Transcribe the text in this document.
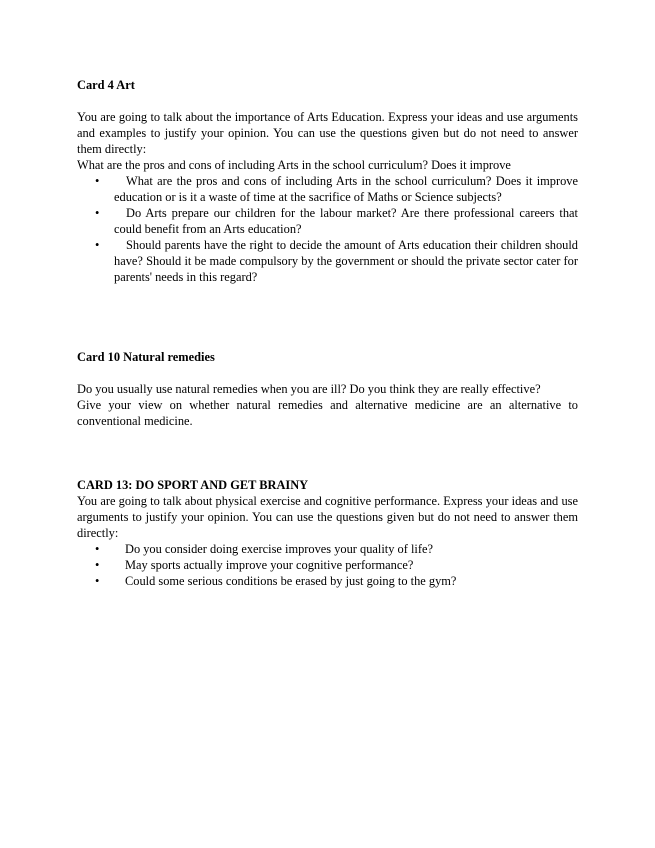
Card 4 Art

You are going to talk about the importance of Arts Education. Express your ideas and use arguments and examples to justify your opinion. You can use the questions given but do not need to answer them directly:

What are the pros and cons of including Arts in the school curriculum? Does it improve

•	What are the pros and cons of including Arts in the school curriculum? Does it improve education or is it a waste of time at the sacrifice of Maths or Science subjects?
•	Do Arts prepare our children for the labour market? Are there professional careers that could benefit from an Arts education?
•	Should parents have the right to decide the amount of Arts education their children should have? Should it be made compulsory by the government or should the private sector cater for parents' needs in this regard?
Card 10 Natural remedies

Do you usually use natural remedies when you are ill? Do you think they are really effective?

Give your view on whether natural remedies and alternative medicine are an alternative to conventional medicine.

CARD 13: DO SPORT AND GET BRAINY

You are going to talk about physical exercise and cognitive performance. Express your ideas and use arguments to justify your opinion. You can use the questions given but do not need to answer them directly:

•	Do you consider doing exercise improves your quality of life?
•	May sports actually improve your cognitive performance?
•	Could some serious conditions be erased by just going to the gym?
